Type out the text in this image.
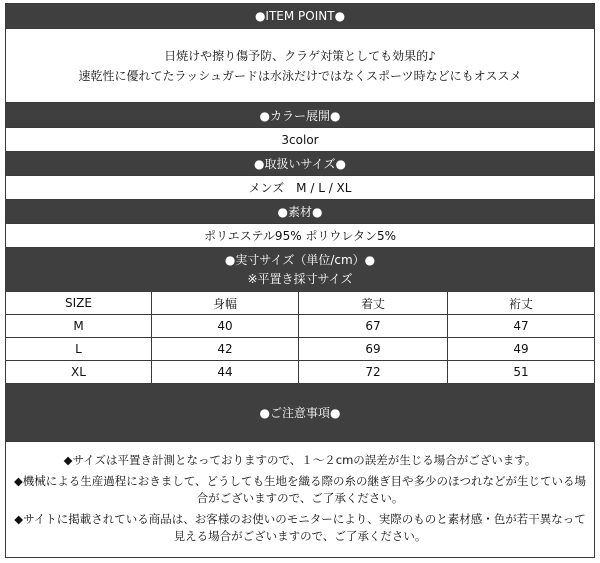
●ITEM POINT●
日焼けや擦り傷予防、クラゲ対策としても効果的♪
速乾性に優れてたラッシュガードは水泳だけではなくスポーツ時などにもオススメ
●カラー展開●
3color
●取扱いサイズ●
メンズ　M / L / XL
●素材●
ポリエステル95% ポリウレタン5%
●実寸サイズ（単位/cm）●
※平置き採寸サイズ
SIZE	身幅	着丈	裄丈
M	40	67	47
L	42	69	49
XL	44	72	51
●ご注意事項●

◆サイズは平置き計測となっておりますので、１～２cmの誤差が生じる場合がございます。

◆機械による生産過程におきまして、どうしても生地を織る際の糸の継ぎ目や多少のほつれなどが生じている場合がございますので、ご了承ください。

◆サイトに掲載されている商品は、お客様のお使いのモニターにより、実際のものと素材感・色が若干異なって見える場合がございますので、ご了承ください。
